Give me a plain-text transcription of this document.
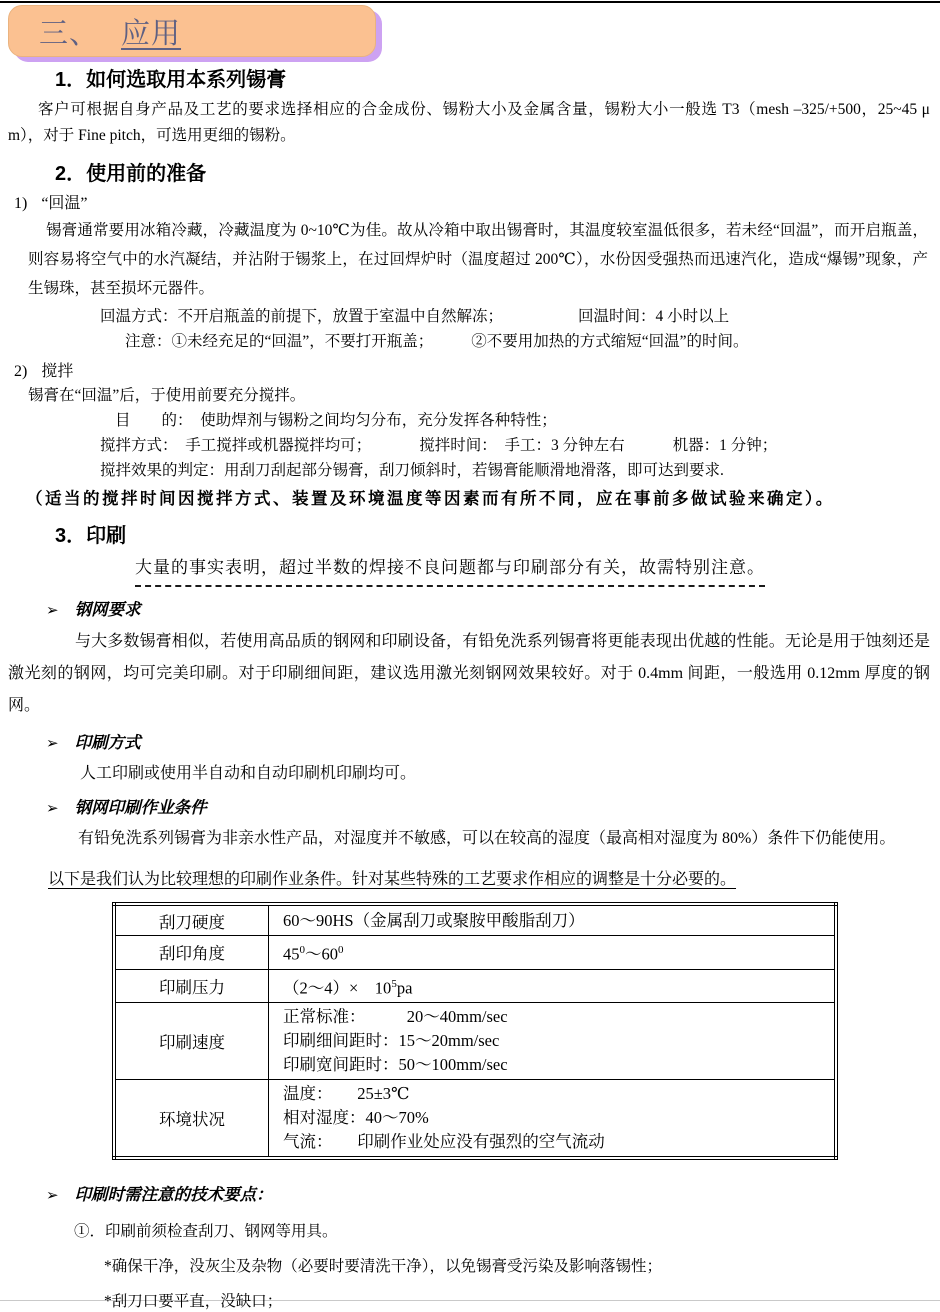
三、 应用
1．如何选取用本系列锡膏
客户可根据自身产品及工艺的要求选择相应的合金成份、锡粉大小及金属含量，锡粉大小一般选 T3（mesh –325/+500，25~45 μ m），对于 Fine pitch，可选用更细的锡粉。
2．使用前的准备
1) “回温”
锡膏通常要用冰箱冷藏，冷藏温度为 0~10℃为佳。故从冷箱中取出锡膏时，其温度较室温低很多，若未经“回温”，而开启瓶盖，则容易将空气中的水汽凝结，并沾附于锡浆上，在过回焊炉时（温度超过 200℃），水份因受强热而迅速汽化，造成“爆锡”现象，产生锡珠，甚至损坏元器件。
回温方式：不开启瓶盖的前提下，放置于室温中自然解冻；	回温时间：4 小时以上
注意：①未经充足的“回温”，不要打开瓶盖； ②不要用加热的方式缩短“回温”的时间。
2) 搅拌
锡膏在“回温”后，于使用前要充分搅拌。
目　　的：　使助焊剂与锡粉之间均匀分布，充分发挥各种特性；
搅拌方式：　手工搅拌或机器搅拌均可；	搅拌时间：　手工：3 分钟左右	机器：1 分钟；
搅拌效果的判定：用刮刀刮起部分锡膏，刮刀倾斜时，若锡膏能顺滑地滑落，即可达到要求.
（适当的搅拌时间因搅拌方式、装置及环境温度等因素而有所不同，应在事前多做试验来确定）。
3．印刷
大量的事实表明，超过半数的焊接不良问题都与印刷部分有关，故需特别注意。
➢ 钢网要求
与大多数锡膏相似，若使用高品质的钢网和印刷设备，有铅免洗系列锡膏将更能表现出优越的性能。无论是用于蚀刻还是激光刻的钢网，均可完美印刷。对于印刷细间距，建议选用激光刻钢网效果较好。对于 0.4mm 间距，一般选用 0.12mm 厚度的钢网。
➢ 印刷方式
人工印刷或使用半自动和自动印刷机印刷均可。
➢ 钢网印刷作业条件
有铅免洗系列锡膏为非亲水性产品，对湿度并不敏感，可以在较高的湿度（最高相对湿度为 80%）条件下仍能使用。
以下是我们认为比较理想的印刷作业条件。针对某些特殊的工艺要求作相应的调整是十分必要的。
刮刀硬度	60～90HS（金属刮刀或聚胺甲酸脂刮刀）
刮印角度	$45^0\sim 60^0$
印刷压力	（2～4）×　$10^5pa$
印刷速度	正常标准：　　　20～40mm/sec
印刷细间距时：15～20mm/sec
印刷宽间距时：50～100mm/sec

环境状况	温度：　　25±3℃
相对湿度：40～70%
气流：　　印刷作业处应没有强烈的空气流动
➢ 印刷时需注意的技术要点：
①．印刷前须检查刮刀、钢网等用具。
*确保干净，没灰尘及杂物（必要时要清洗干净），以免锡膏受污染及影响落锡性；
*刮刀口要平直，没缺口；
